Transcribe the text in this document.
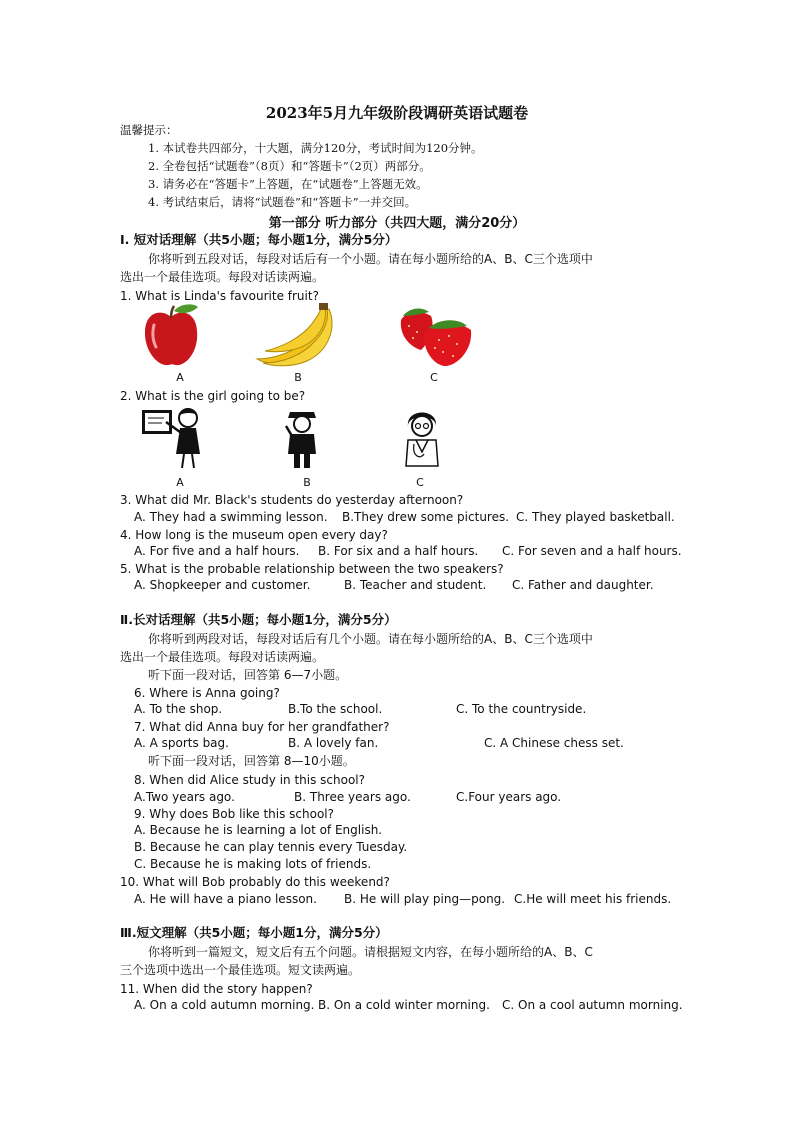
2023年5月九年级阶段调研英语试题卷
温馨提示：
1. 本试卷共四部分，十大题，满分120分，考试时间为120分钟。
2. 全卷包括“试题卷”（8页）和“答题卡”（2页）两部分。
3. 请务必在“答题卡”上答题，在“试题卷”上答题无效。
4. 考试结束后，请将“试题卷”和“答题卡”一并交回。
第一部分 听力部分（共四大题，满分20分）
Ⅰ. 短对话理解（共5小题；每小题1分，满分5分）
你将听到五段对话，每段对话后有一个小题。请在每小题所给的A、B、C三个选项中
选出一个最佳选项。每段对话读两遍。
1. What is Linda's favourite fruit?
A	B	C
2. What is the girl going to be?
A	B	C
3. What did Mr. Black's students do yesterday afternoon?
A. They had a swimming lesson. B.They drew some pictures. C. They played basketball.
4. How long is the museum open every day?
A. For five and a half hours. B. For six and a half hours. C. For seven and a half hours.
5. What is the probable relationship between the two speakers?
A. Shopkeeper and customer.	B. Teacher and student. C. Father and daughter.
Ⅱ.长对话理解（共5小题；每小题1分，满分5分）
你将听到两段对话，每段对话后有几个小题。请在每小题所给的A、B、C三个选项中
选出一个最佳选项。每段对话读两遍。
听下面一段对话，回答第 6—7小题。
6. Where is Anna going?
A. To the shop.	B.To the school.	C. To the countryside.
7. What did Anna buy for her grandfather?
A. A sports bag.	B. A lovely fan.	C. A Chinese chess set.
听下面一段对话，回答第 8—10小题。
8. When did Alice study in this school?
A.Two years ago.	B. Three years ago.	C.Four years ago.
9. Why does Bob like this school?
A. Because he is learning a lot of English.
B. Because he can play tennis every Tuesday.
C. Because he is making lots of friends.
10. What will Bob probably do this weekend?
A. He will have a piano lesson. B. He will play ping—pong. C.He will meet his friends.
Ⅲ.短文理解（共5小题；每小题1分，满分5分）
你将听到一篇短文，短文后有五个问题。请根据短文内容，在每小题所给的A、B、C
三个选项中选出一个最佳选项。短文读两遍。
11. When did the story happen?
A. On a cold autumn morning. B. On a cold winter morning. C. On a cool autumn morning.
